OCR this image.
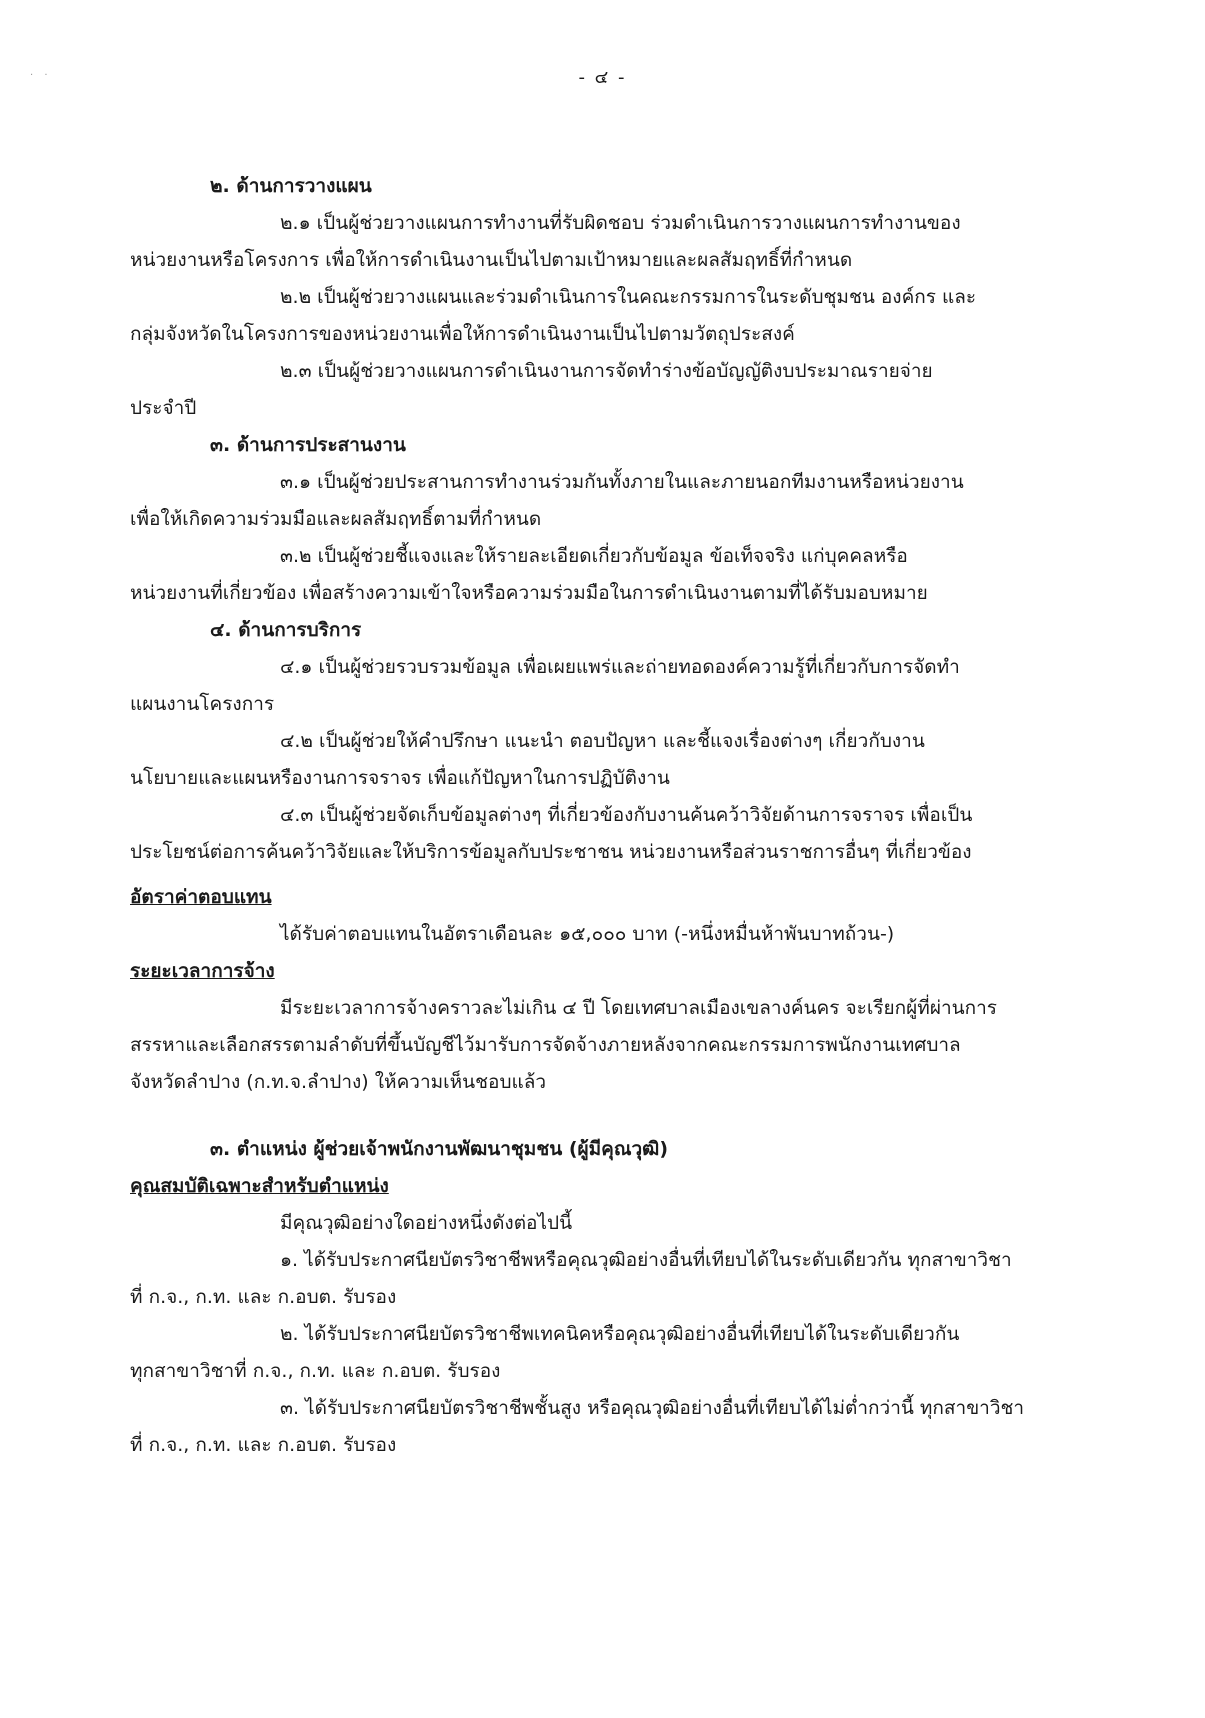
· ·	- ๔ -
๒. ด้านการวางแผน
๒.๑ เป็นผู้ช่วยวางแผนการทำงานที่รับผิดชอบ ร่วมดำเนินการวางแผนการทำงานของ
หน่วยงานหรือโครงการ เพื่อให้การดำเนินงานเป็นไปตามเป้าหมายและผลสัมฤทธิ์ที่กำหนด
๒.๒ เป็นผู้ช่วยวางแผนและร่วมดำเนินการในคณะกรรมการในระดับชุมชน องค์กร และ
กลุ่มจังหวัดในโครงการของหน่วยงานเพื่อให้การดำเนินงานเป็นไปตามวัตถุประสงค์
๒.๓ เป็นผู้ช่วยวางแผนการดำเนินงานการจัดทำร่างข้อบัญญัติงบประมาณรายจ่าย
ประจำปี
๓. ด้านการประสานงาน
๓.๑ เป็นผู้ช่วยประสานการทำงานร่วมกันทั้งภายในและภายนอกทีมงานหรือหน่วยงาน
เพื่อให้เกิดความร่วมมือและผลสัมฤทธิ์ตามที่กำหนด
๓.๒ เป็นผู้ช่วยชี้แจงและให้รายละเอียดเกี่ยวกับข้อมูล ข้อเท็จจริง แก่บุคคลหรือ
หน่วยงานที่เกี่ยวข้อง เพื่อสร้างความเข้าใจหรือความร่วมมือในการดำเนินงานตามที่ได้รับมอบหมาย
๔. ด้านการบริการ
๔.๑ เป็นผู้ช่วยรวบรวมข้อมูล เพื่อเผยแพร่และถ่ายทอดองค์ความรู้ที่เกี่ยวกับการจัดทำ
แผนงานโครงการ
๔.๒ เป็นผู้ช่วยให้คำปรึกษา แนะนำ ตอบปัญหา และชี้แจงเรื่องต่างๆ เกี่ยวกับงาน
นโยบายและแผนหรืองานการจราจร เพื่อแก้ปัญหาในการปฏิบัติงาน
๔.๓ เป็นผู้ช่วยจัดเก็บข้อมูลต่างๆ ที่เกี่ยวข้องกับงานค้นคว้าวิจัยด้านการจราจร เพื่อเป็น
ประโยชน์ต่อการค้นคว้าวิจัยและให้บริการข้อมูลกับประชาชน หน่วยงานหรือส่วนราชการอื่นๆ ที่เกี่ยวข้อง
อัตราค่าตอบแทน
ได้รับค่าตอบแทนในอัตราเดือนละ ๑๕,๐๐๐ บาท (-หนึ่งหมื่นห้าพันบาทถ้วน-)
ระยะเวลาการจ้าง
มีระยะเวลาการจ้างคราวละไม่เกิน ๔ ปี โดยเทศบาลเมืองเขลางค์นคร จะเรียกผู้ที่ผ่านการ
สรรหาและเลือกสรรตามลำดับที่ขึ้นบัญชีไว้มารับการจัดจ้างภายหลังจากคณะกรรมการพนักงานเทศบาล
จังหวัดลำปาง (ก.ท.จ.ลำปาง) ให้ความเห็นชอบแล้ว
๓. ตำแหน่ง ผู้ช่วยเจ้าพนักงานพัฒนาชุมชน (ผู้มีคุณวุฒิ)
คุณสมบัติเฉพาะสำหรับตำแหน่ง
มีคุณวุฒิอย่างใดอย่างหนึ่งดังต่อไปนี้
๑. ได้รับประกาศนียบัตรวิชาชีพหรือคุณวุฒิอย่างอื่นที่เทียบได้ในระดับเดียวกัน ทุกสาขาวิชา
ที่ ก.จ., ก.ท. และ ก.อบต. รับรอง
๒. ได้รับประกาศนียบัตรวิชาชีพเทคนิคหรือคุณวุฒิอย่างอื่นที่เทียบได้ในระดับเดียวกัน
ทุกสาขาวิชาที่ ก.จ., ก.ท. และ ก.อบต. รับรอง
๓. ได้รับประกาศนียบัตรวิชาชีพชั้นสูง หรือคุณวุฒิอย่างอื่นที่เทียบได้ไม่ต่ำกว่านี้ ทุกสาขาวิชา
ที่ ก.จ., ก.ท. และ ก.อบต. รับรอง
